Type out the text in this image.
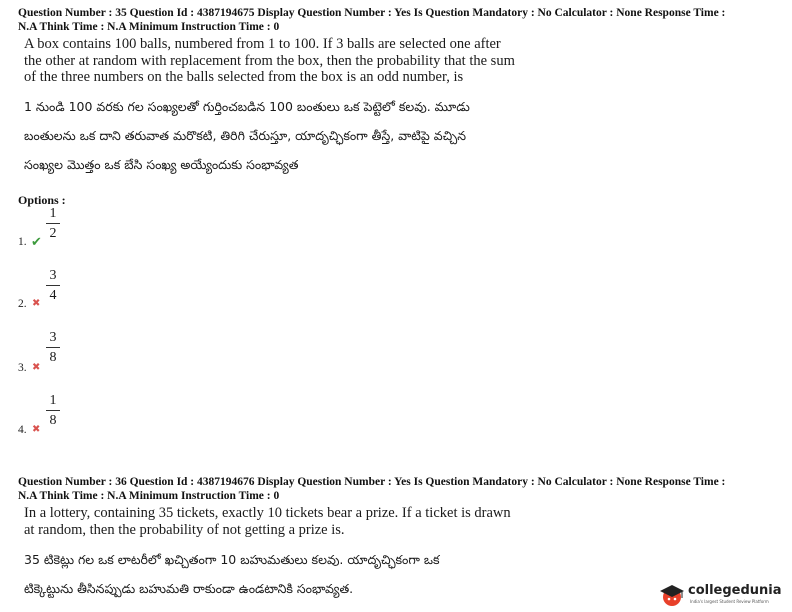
Question Number : 35 Question Id : 4387194675 Display Question Number : Yes Is Question Mandatory : No Calculator : None Response Time :
N.A Think Time : N.A Minimum Instruction Time : 0
A box contains 100 balls, numbered from 1 to 100. If 3 balls are selected one after
the other at random with replacement from the box, then the probability that the sum
of the three numbers on the balls selected from the box is an odd number, is
1 నుండి 100 వరకు గల సంఖ్యలతో గుర్తించబడిన 100 బంతులు ఒక పెట్టెలో కలవు. మూడు
బంతులను ఒక దాని తరువాత మరొకటి, తిరిగి చేరుస్తూ, యాదృచ్ఛికంగా తీస్తే, వాటిపై వచ్చిన
సంఖ్యల మొత్తం ఒక బేసి సంఖ్య అయ్యేందుకు సంభావ్యత
Options :
1
2
1. ✔
3
4
2. ✖
3
8
3. ✖
1
8
4. ✖
Question Number : 36 Question Id : 4387194676 Display Question Number : Yes Is Question Mandatory : No Calculator : None Response Time :
N.A Think Time : N.A Minimum Instruction Time : 0
In a lottery, containing 35 tickets, exactly 10 tickets bear a prize. If a ticket is drawn
at random, then the probability of not getting a prize is.
35 టికెట్లు గల ఒక లాటరీలో ఖచ్చితంగా 10 బహుమతులు కలవు. యాదృచ్ఛికంగా ఒక
టిక్కెట్టును తీసినప్పుడు బహుమతి రాకుండా ఉండటానికి సంభావ్యత.	collegedunia
India's largest Student Review Platform
